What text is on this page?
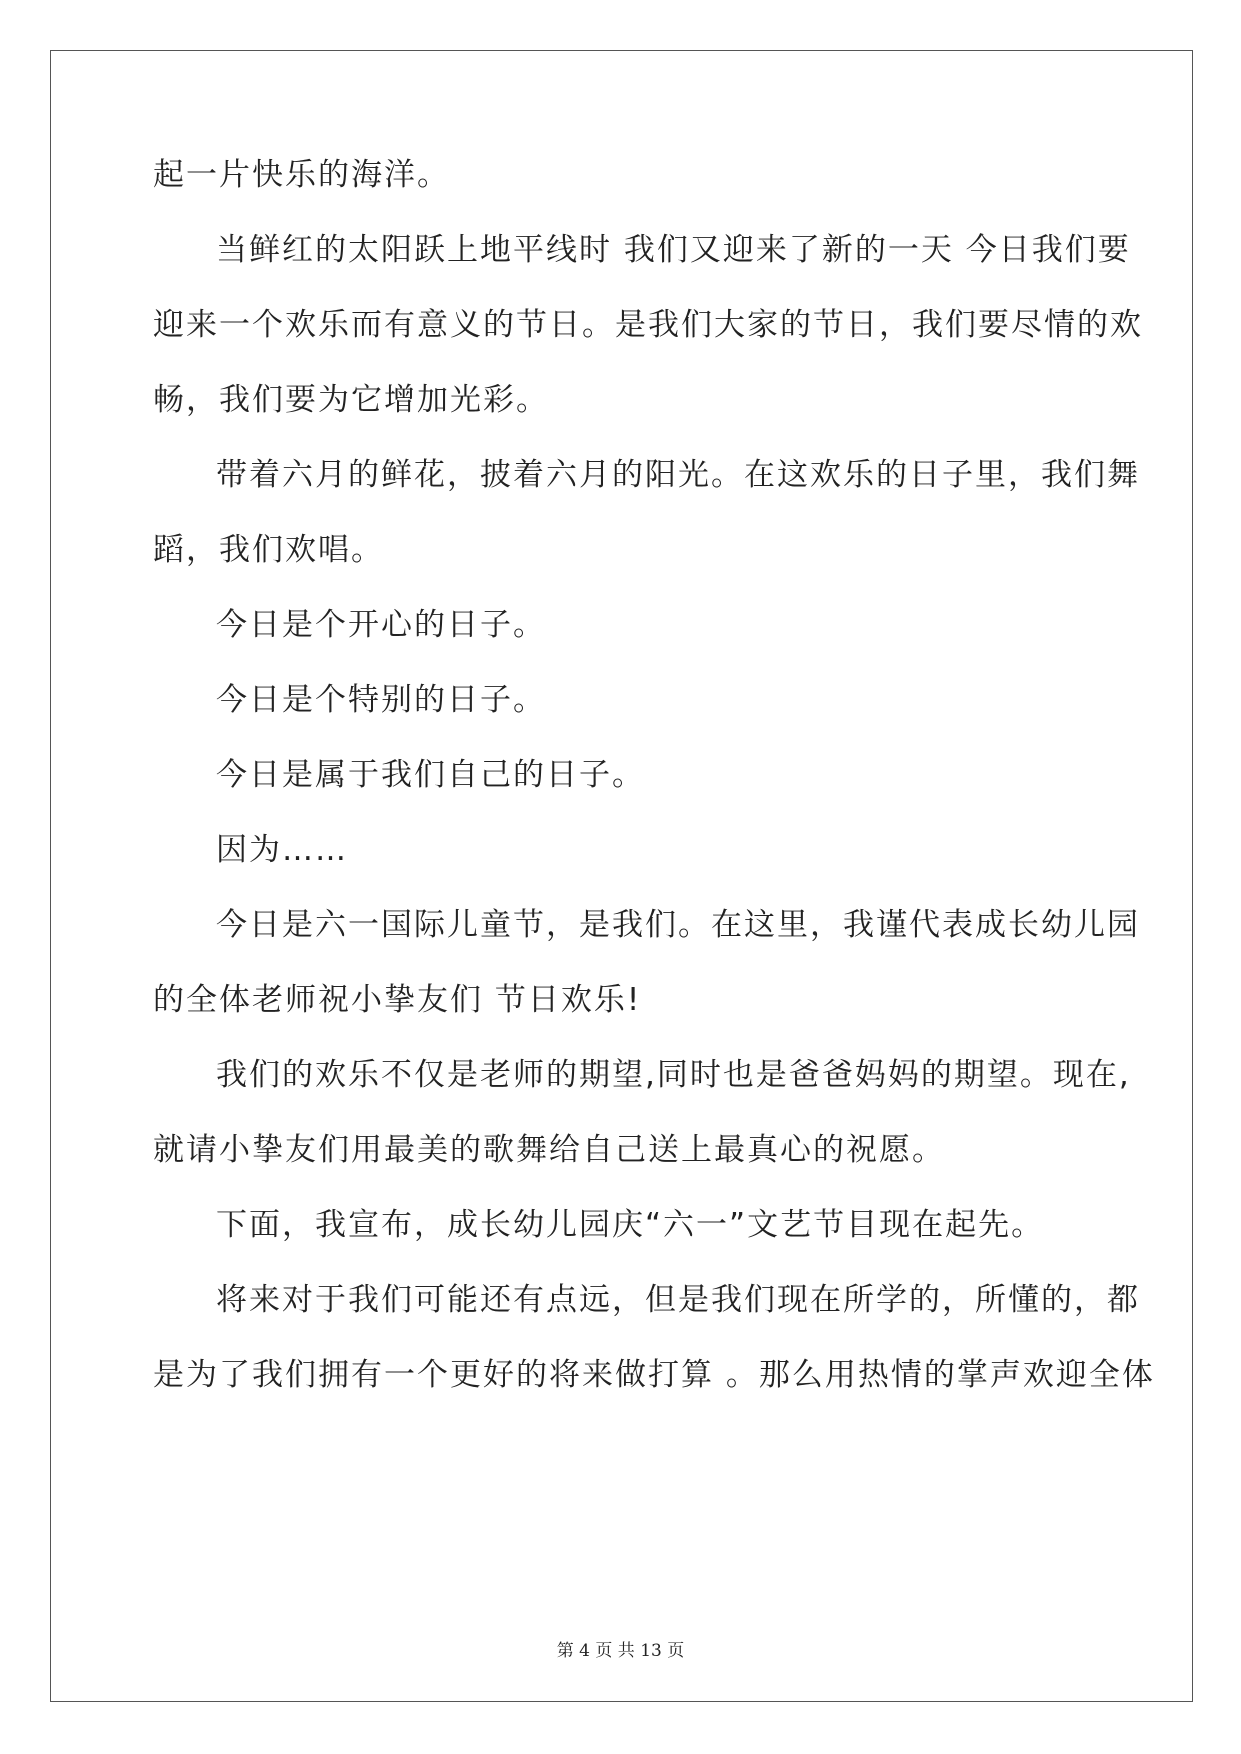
起一片快乐的海洋。
当鲜红的太阳跃上地平线时 我们又迎来了新的一天 今日我们要
迎来一个欢乐而有意义的节日。是我们大家的节日，我们要尽情的欢
畅，我们要为它增加光彩。
带着六月的鲜花，披着六月的阳光。在这欢乐的日子里，我们舞
蹈，我们欢唱。
今日是个开心的日子。
今日是个特别的日子。
今日是属于我们自己的日子。
因为……
今日是六一国际儿童节，是我们。在这里，我谨代表成长幼儿园
的全体老师祝小挚友们 节日欢乐!
我们的欢乐不仅是老师的期望,同时也是爸爸妈妈的期望。现在,
就请小挚友们用最美的歌舞给自己送上最真心的祝愿。
下面，我宣布，成长幼儿园庆“六一”文艺节目现在起先。
将来对于我们可能还有点远，但是我们现在所学的，所懂的，都
是为了我们拥有一个更好的将来做打算 。那么用热情的掌声欢迎全体
第 4 页 共 13 页
